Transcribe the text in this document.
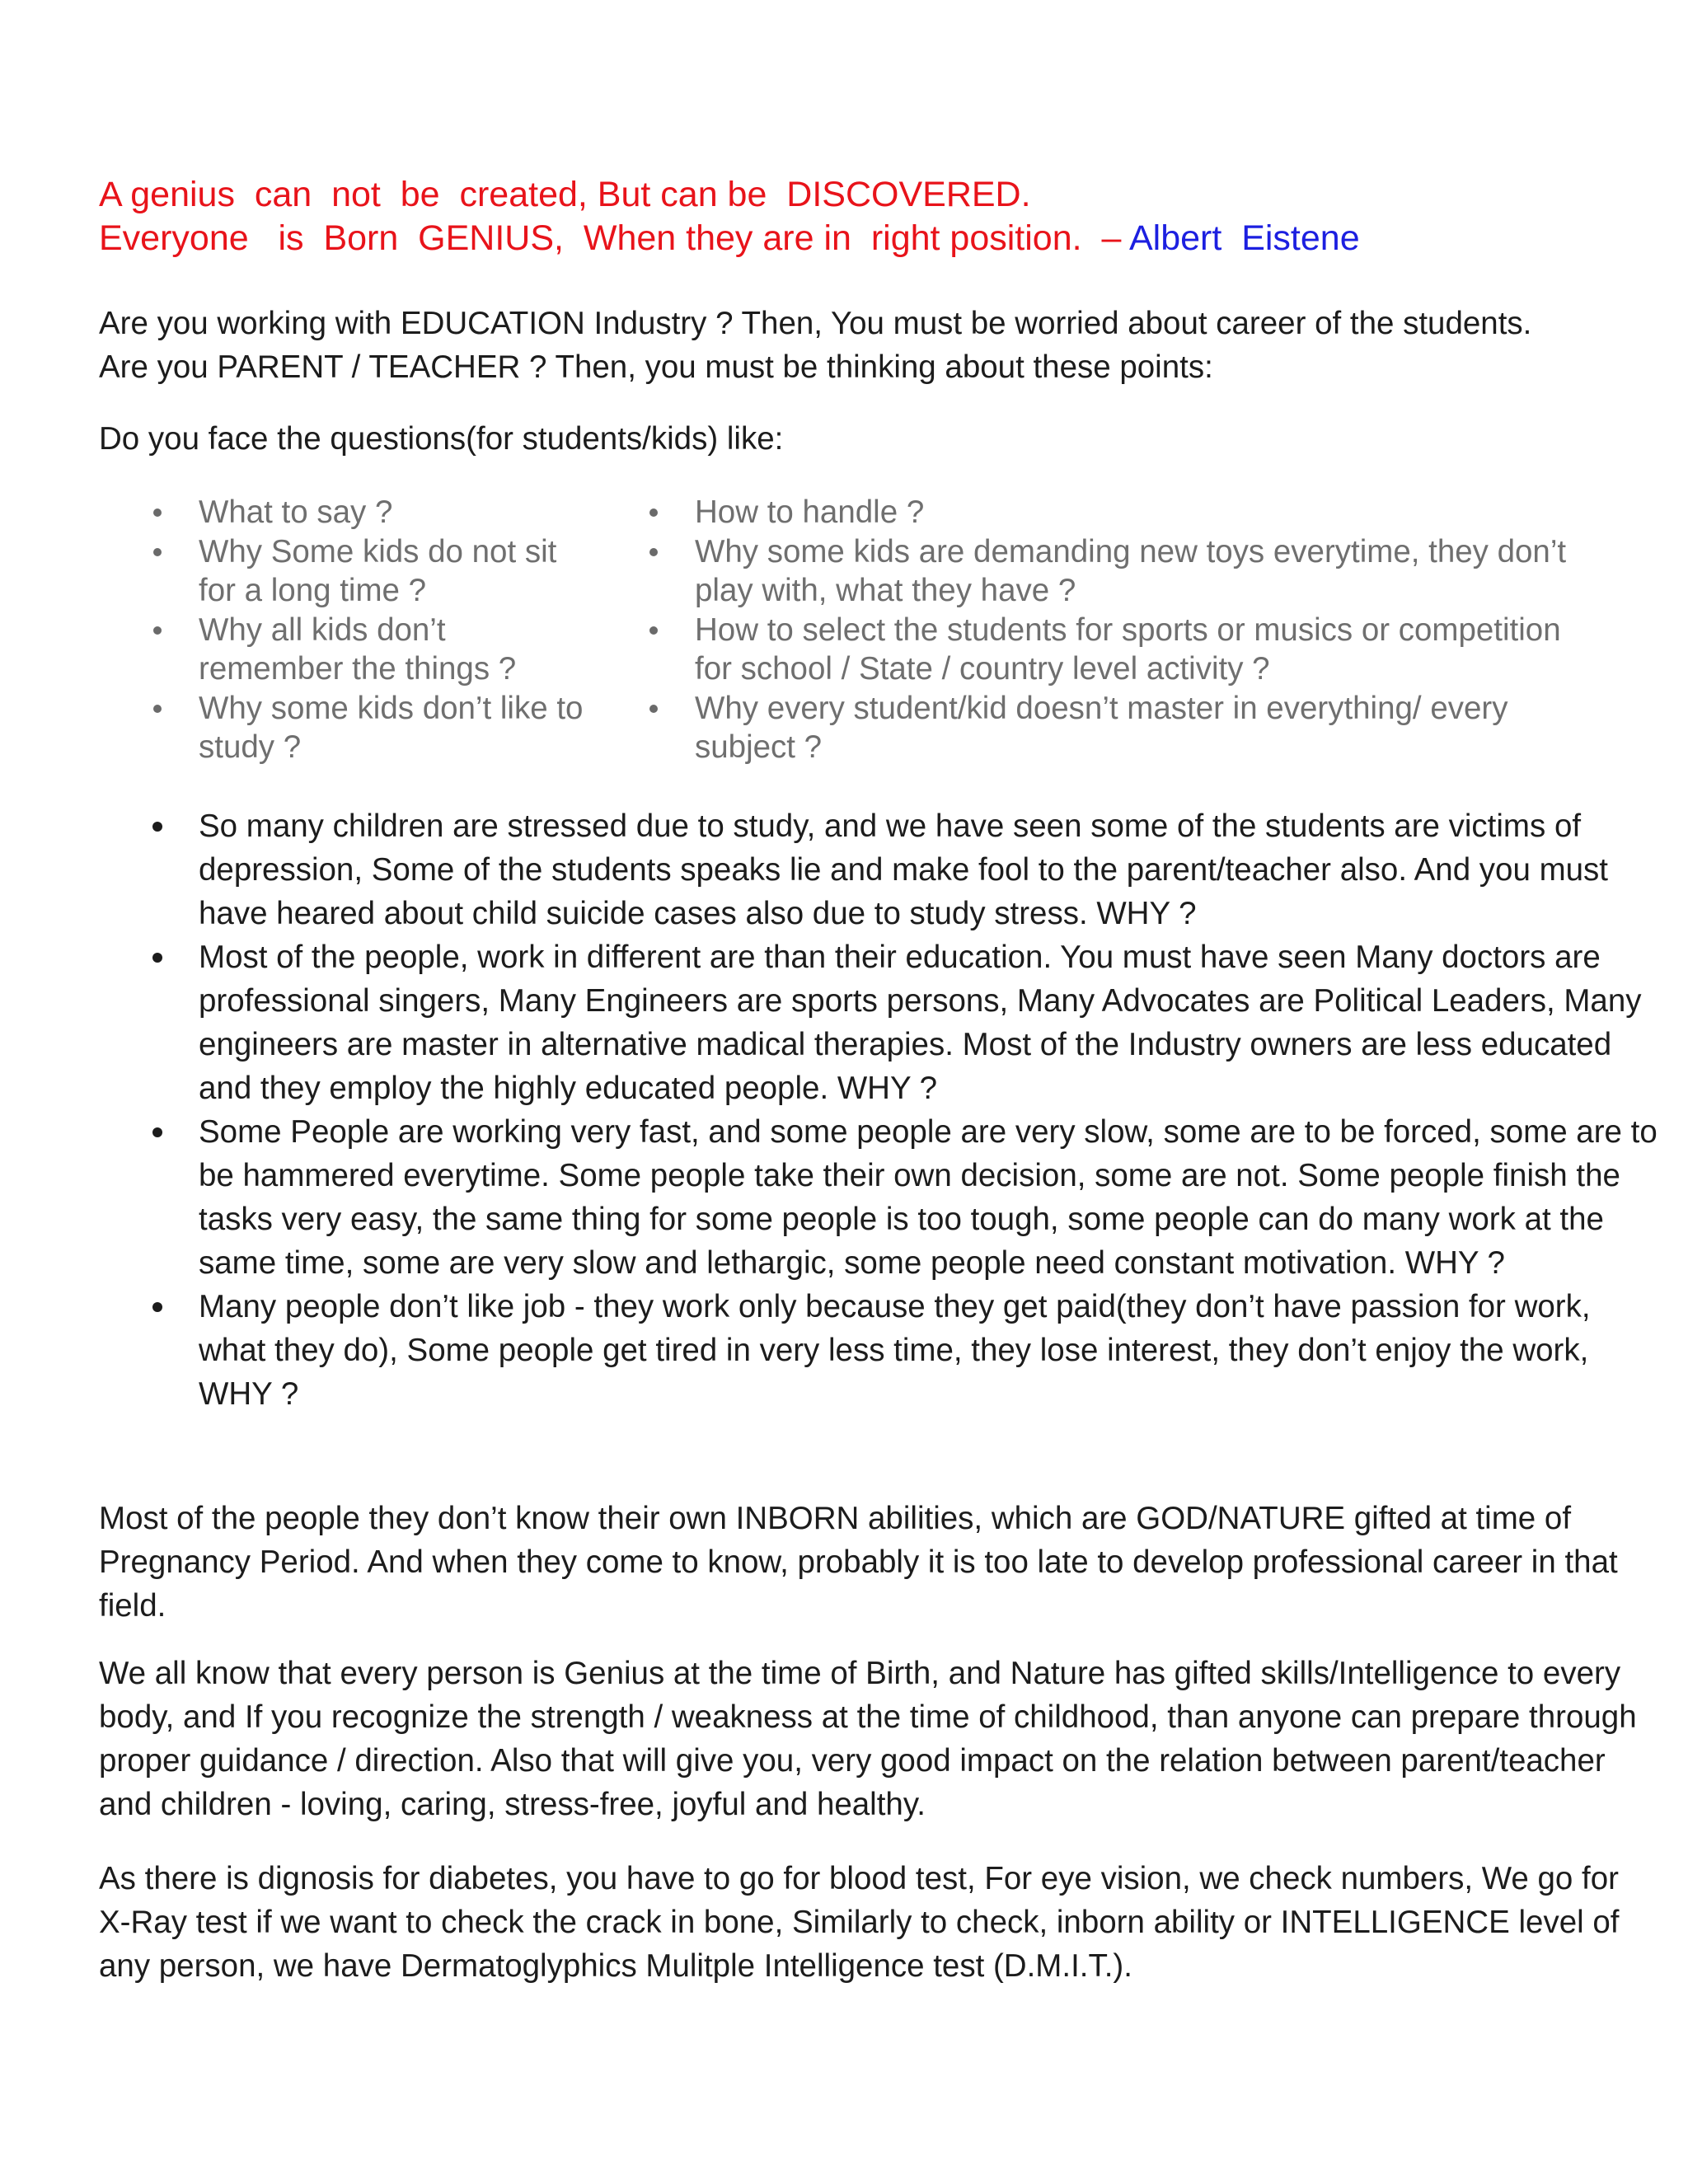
A genius  can  not  be  created, But can be  DISCOVERED.
Everyone   is  Born  GENIUS,  When they are in  right position.  – Albert  Eistene
Are you working with EDUCATION Industry ? Then, You must be worried about career of the students.
Are you PARENT / TEACHER ? Then, you must be thinking about these points:
Do you face the questions(for students/kids) like:
What to say ?
Why Some kids do not sit for a long time ?
Why all kids don’t remember the things ?
Why some kids don’t like to study ?
How to handle ?
Why some kids are demanding new toys everytime, they don’t play with, what they have ?
How to select the students for sports or musics or competition for school / State / country level activity ?
Why every student/kid doesn’t master in everything/ every subject ?
So many children are stressed due to study, and we have seen some of the students are victims of depression, Some of the students speaks lie and make fool to the parent/teacher also. And you must have heared about child suicide cases also due to study stress. WHY ?
Most of the people, work in different are than their education. You must have seen Many doctors are professional singers, Many Engineers are sports persons, Many Advocates are Political Leaders, Many engineers are master in alternative madical therapies. Most of the Industry owners are less educated and they employ the highly educated people. WHY ?
Some People are working very fast, and some people are very slow, some are to be forced, some are to be hammered everytime. Some people take their own decision, some are not. Some people finish the tasks very easy, the same thing for some people is too tough, some people can do many work at the same time, some are very slow and lethargic, some people need constant motivation. WHY ?
Many people don’t like job - they work only because they get paid(they don’t have passion for work, what they do), Some people get tired in very less time, they lose interest, they don’t enjoy the work, WHY ?
Most of the people they don’t know their own INBORN abilities, which are GOD/NATURE gifted at time of Pregnancy Period. And when they come to know, probably it is too late to develop professional career in that field.
We all know that every person is Genius at the time of Birth, and Nature has gifted skills/Intelligence to every body, and If you recognize the strength / weakness at the time of childhood, than anyone can prepare through proper guidance / direction. Also that will give you, very good impact on the relation between parent/teacher and children - loving, caring, stress-free, joyful and healthy.
As there is dignosis for diabetes, you have to go for blood test, For eye vision, we check numbers, We go for X-Ray test if we want to check the crack in bone, Similarly to check, inborn ability or INTELLIGENCE level of any person, we have Dermatoglyphics Mulitple Intelligence test (D.M.I.T.).
